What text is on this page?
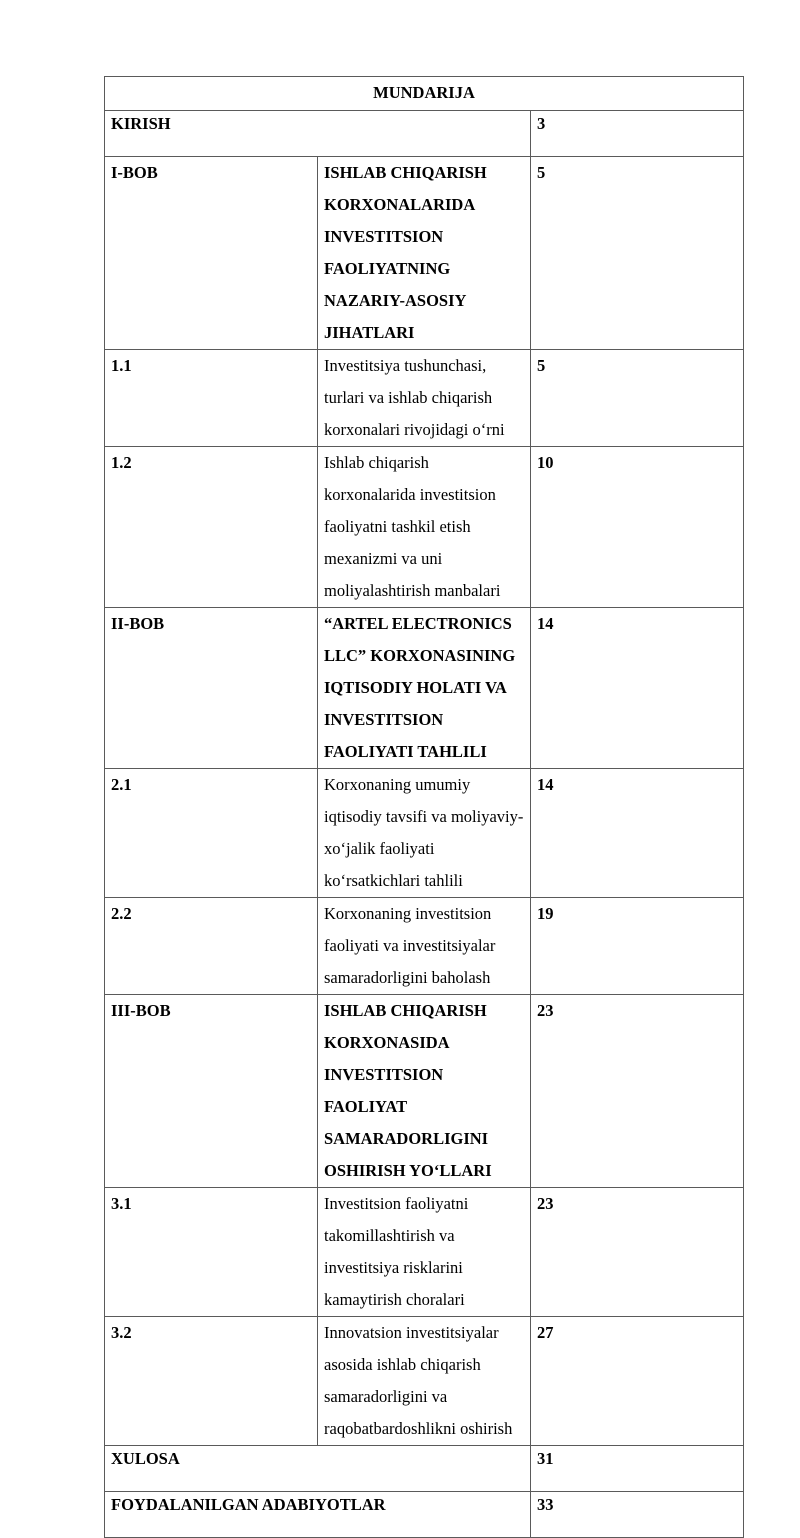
MUNDARIJA		
KIRISH		3
I-BOB	ISHLAB CHIQARISH KORXONALARIDA INVESTITSION FAOLIYATNING NAZARIY-ASOSIY JIHATLARI	5
1.1	Investitsiya tushunchasi, turlari va ishlab chiqarish korxonalari rivojidagi o‘rni	5
1.2	Ishlab chiqarish korxonalarida investitsion faoliyatni tashkil etish mexanizmi va uni moliyalashtirish manbalari	10
II-BOB	“ARTEL ELECTRONICS LLC” KORXONASINING IQTISODIY HOLATI VA INVESTITSION FAOLIYATI TAHLILI	14
2.1	Korxonaning umumiy iqtisodiy tavsifi va moliyaviy-xo‘jalik faoliyati ko‘rsatkichlari tahlili	14
2.2	Korxonaning investitsion faoliyati va investitsiyalar samaradorligini baholash	19
III-BOB	ISHLAB CHIQARISH KORXONASIDA INVESTITSION FAOLIYAT SAMARADORLIGINI OSHIRISH YO‘LLARI	23
3.1	Investitsion faoliyatni takomillashtirish va investitsiya risklarini kamaytirish choralari	23
3.2	Innovatsion investitsiyalar asosida ishlab chiqarish samaradorligini va raqobatbardoshlikni oshirish	27
XULOSA		31
FOYDALANILGAN ADABIYOTLAR		33
